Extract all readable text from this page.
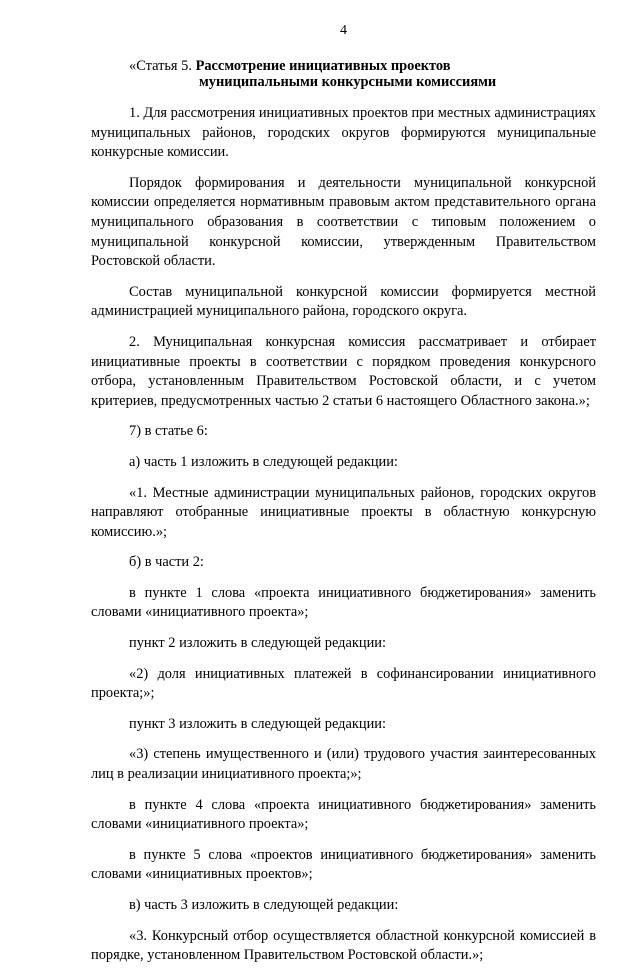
4
«Статья 5. Рассмотрение инициативных проектов
муниципальными конкурсными комиссиями

1. Для рассмотрения инициативных проектов при местных администрациях муниципальных районов, городских округов формируются муниципальные конкурсные комиссии.

Порядок формирования и деятельности муниципальной конкурсной комиссии определяется нормативным правовым актом представительного органа муниципального образования в соответствии с типовым положением о муниципальной конкурсной комиссии, утвержденным Правительством Ростовской области.

Состав муниципальной конкурсной комиссии формируется местной администрацией муниципального района, городского округа.

2. Муниципальная конкурсная комиссия рассматривает и отбирает инициативные проекты в соответствии с порядком проведения конкурсного отбора, установленным Правительством Ростовской области, и с учетом критериев, предусмотренных частью 2 статьи 6 настоящего Областного закона.»;

7) в статье 6:

а) часть 1 изложить в следующей редакции:

«1. Местные администрации муниципальных районов, городских округов направляют отобранные инициативные проекты в областную конкурсную комиссию.»;

б) в части 2:

в пункте 1 слова «проекта инициативного бюджетирования» заменить словами «инициативного проекта»;

пункт 2 изложить в следующей редакции:

«2) доля инициативных платежей в софинансировании инициативного проекта;»;

пункт 3 изложить в следующей редакции:

«3) степень имущественного и (или) трудового участия заинтересованных лиц в реализации инициативного проекта;»;

в пункте 4 слова «проекта инициативного бюджетирования» заменить словами «инициативного проекта»;

в пункте 5 слова «проектов инициативного бюджетирования» заменить словами «инициативных проектов»;

в) часть 3 изложить в следующей редакции:

«3. Конкурсный отбор осуществляется областной конкурсной комиссией в порядке, установленном Правительством Ростовской области.»;
